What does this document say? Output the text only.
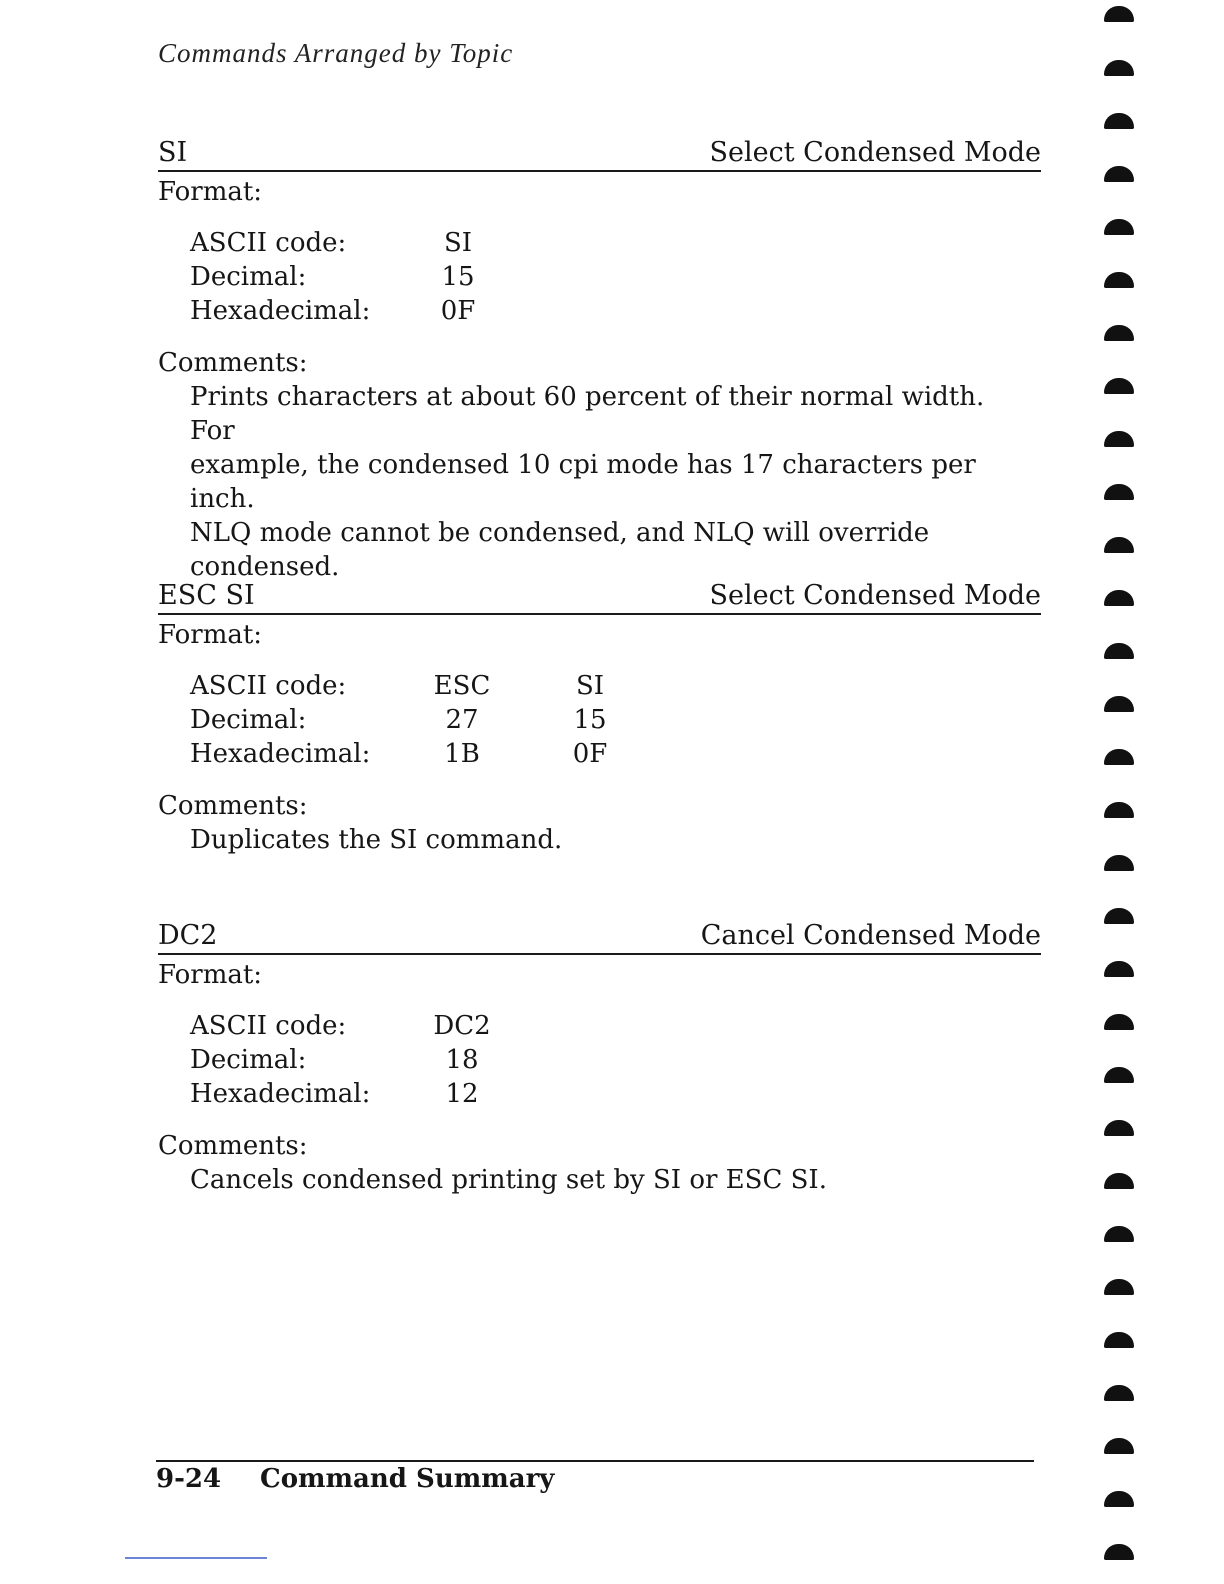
Commands Arranged by Topic
SI	Select Condensed Mode
Format:
ASCII code:	SI
Decimal:	15
Hexadecimal:	0F
Comments:
Prints characters at about 60 percent of their normal width. For
example, the condensed 10 cpi mode has 17 characters per inch.
NLQ mode cannot be condensed, and NLQ will override
condensed.
ESC SI	Select Condensed Mode
Format:
ASCII code:	ESC	SI
Decimal:	27	15
Hexadecimal:	1B	0F
Comments:
Duplicates the SI command.
DC2	Cancel Condensed Mode
Format:
ASCII code:	DC2
Decimal:	18
Hexadecimal:	12
Comments:
Cancels condensed printing set by SI or ESC SI.
9-24 Command Summary
